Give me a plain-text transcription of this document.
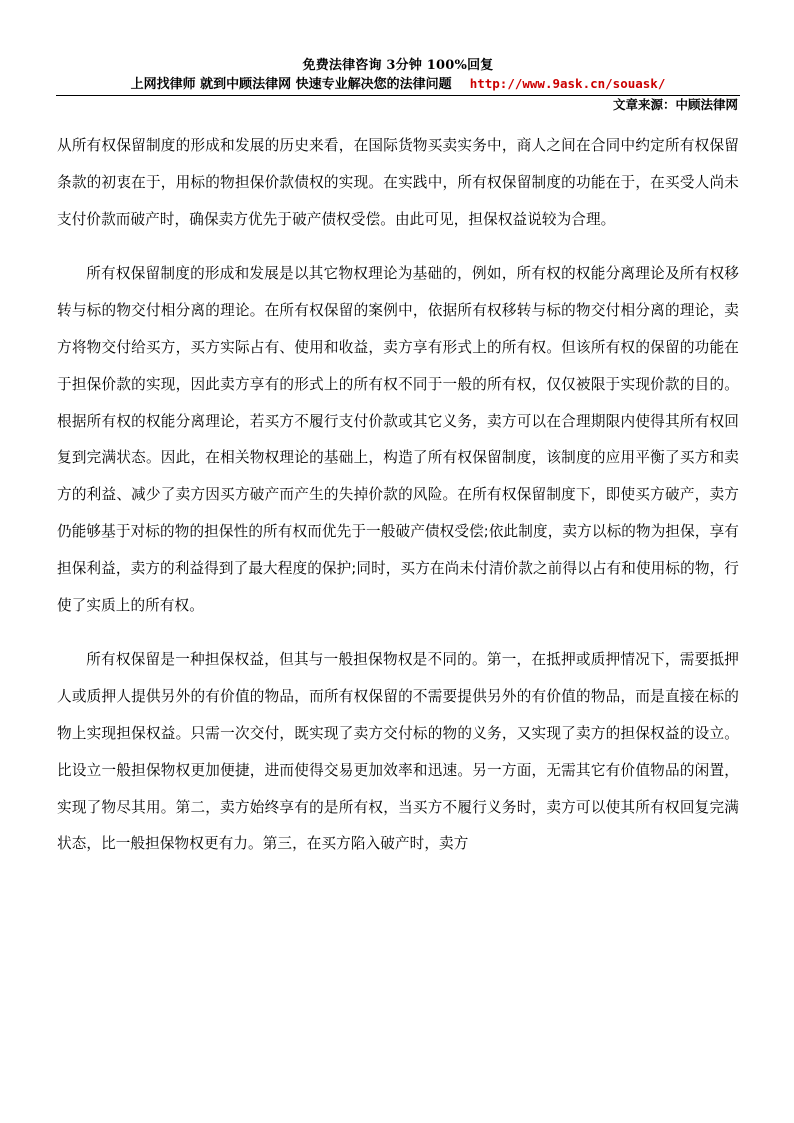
免费法律咨询 3分钟 100%回复
上网找律师 就到中顾法律网 快速专业解决您的法律问题 http://www.9ask.cn/souask/
文章来源：中顾法律网

从所有权保留制度的形成和发展的历史来看，在国际货物买卖实务中，商人之间在合同中约定所有权保留条款的初衷在于，用标的物担保价款债权的实现。在实践中，所有权保留制度的功能在于，在买受人尚未支付价款而破产时，确保卖方优先于破产债权受偿。由此可见，担保权益说较为合理。

所有权保留制度的形成和发展是以其它物权理论为基础的，例如，所有权的权能分离理论及所有权移转与标的物交付相分离的理论。在所有权保留的案例中，依据所有权移转与标的物交付相分离的理论，卖方将物交付给买方，买方实际占有、使用和收益，卖方享有形式上的所有权。但该所有权的保留的功能在于担保价款的实现，因此卖方享有的形式上的所有权不同于一般的所有权，仅仅被限于实现价款的目的。根据所有权的权能分离理论，若买方不履行支付价款或其它义务，卖方可以在合理期限内使得其所有权回复到完满状态。因此，在相关物权理论的基础上，构造了所有权保留制度，该制度的应用平衡了买方和卖方的利益、减少了卖方因买方破产而产生的失掉价款的风险。在所有权保留制度下，即使买方破产，卖方仍能够基于对标的物的担保性的所有权而优先于一般破产债权受偿;依此制度，卖方以标的物为担保，享有担保利益，卖方的利益得到了最大程度的保护;同时，买方在尚未付清价款之前得以占有和使用标的物，行使了实质上的所有权。

所有权保留是一种担保权益，但其与一般担保物权是不同的。第一，在抵押或质押情况下，需要抵押人或质押人提供另外的有价值的物品，而所有权保留的不需要提供另外的有价值的物品，而是直接在标的物上实现担保权益。只需一次交付，既实现了卖方交付标的物的义务，又实现了卖方的担保权益的设立。比设立一般担保物权更加便捷，进而使得交易更加效率和迅速。另一方面，无需其它有价值物品的闲置，实现了物尽其用。第二，卖方始终享有的是所有权，当买方不履行义务时，卖方可以使其所有权回复完满状态，比一般担保物权更有力。第三，在买方陷入破产时，卖方
